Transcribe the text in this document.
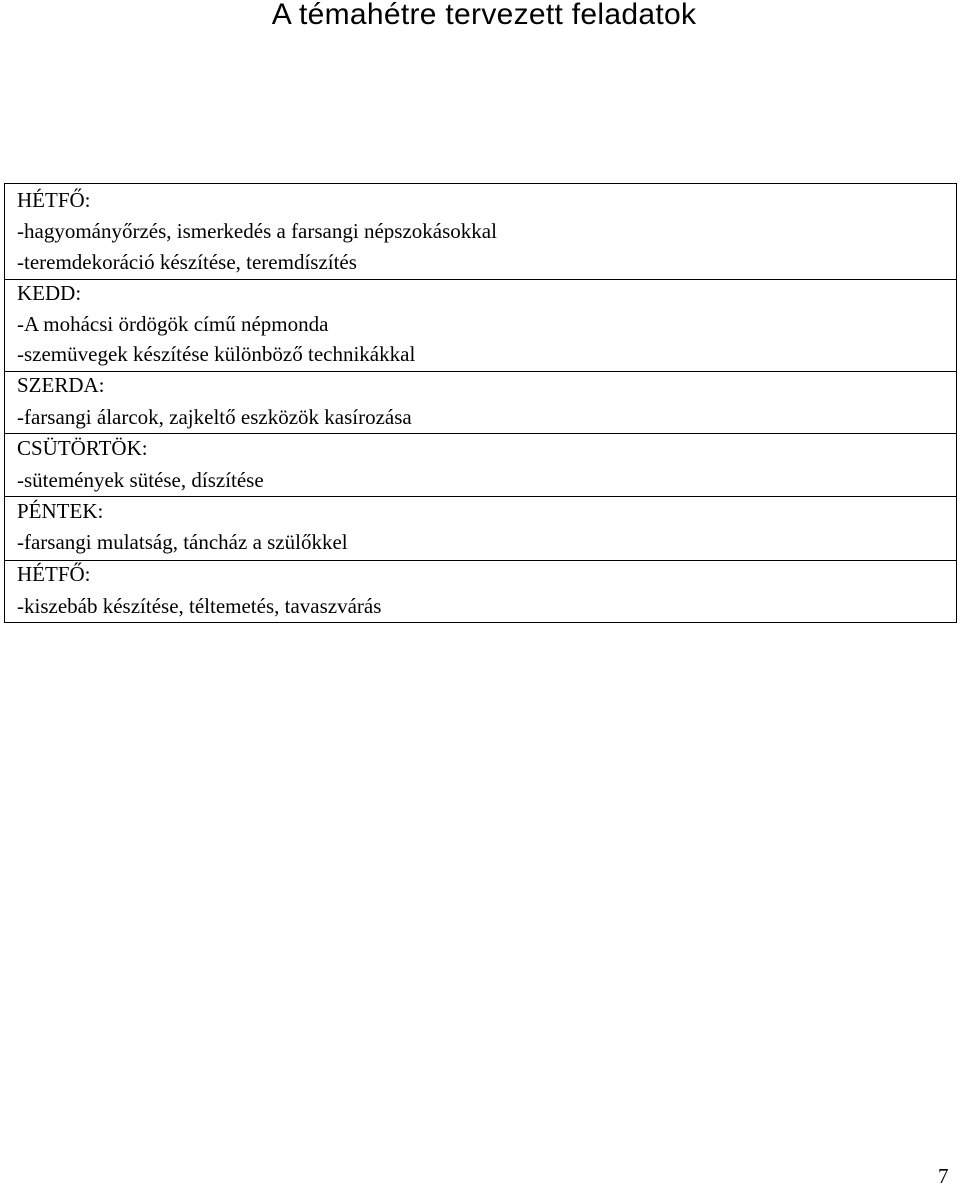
A témahétre tervezett feladatok
HÉTFŐ:
-hagyományőrzés, ismerkedés a farsangi népszokásokkal
-teremdekoráció készítése, teremdíszítés
KEDD:
-A mohácsi ördögök című népmonda
-szemüvegek készítése különböző technikákkal
SZERDA:
-farsangi álarcok, zajkeltő eszközök kasírozása
CSÜTÖRTÖK:
-sütemények sütése, díszítése
PÉNTEK:
-farsangi mulatság, táncház a szülőkkel
HÉTFŐ:
-kiszebáb készítése, téltemetés, tavaszvárás
7
